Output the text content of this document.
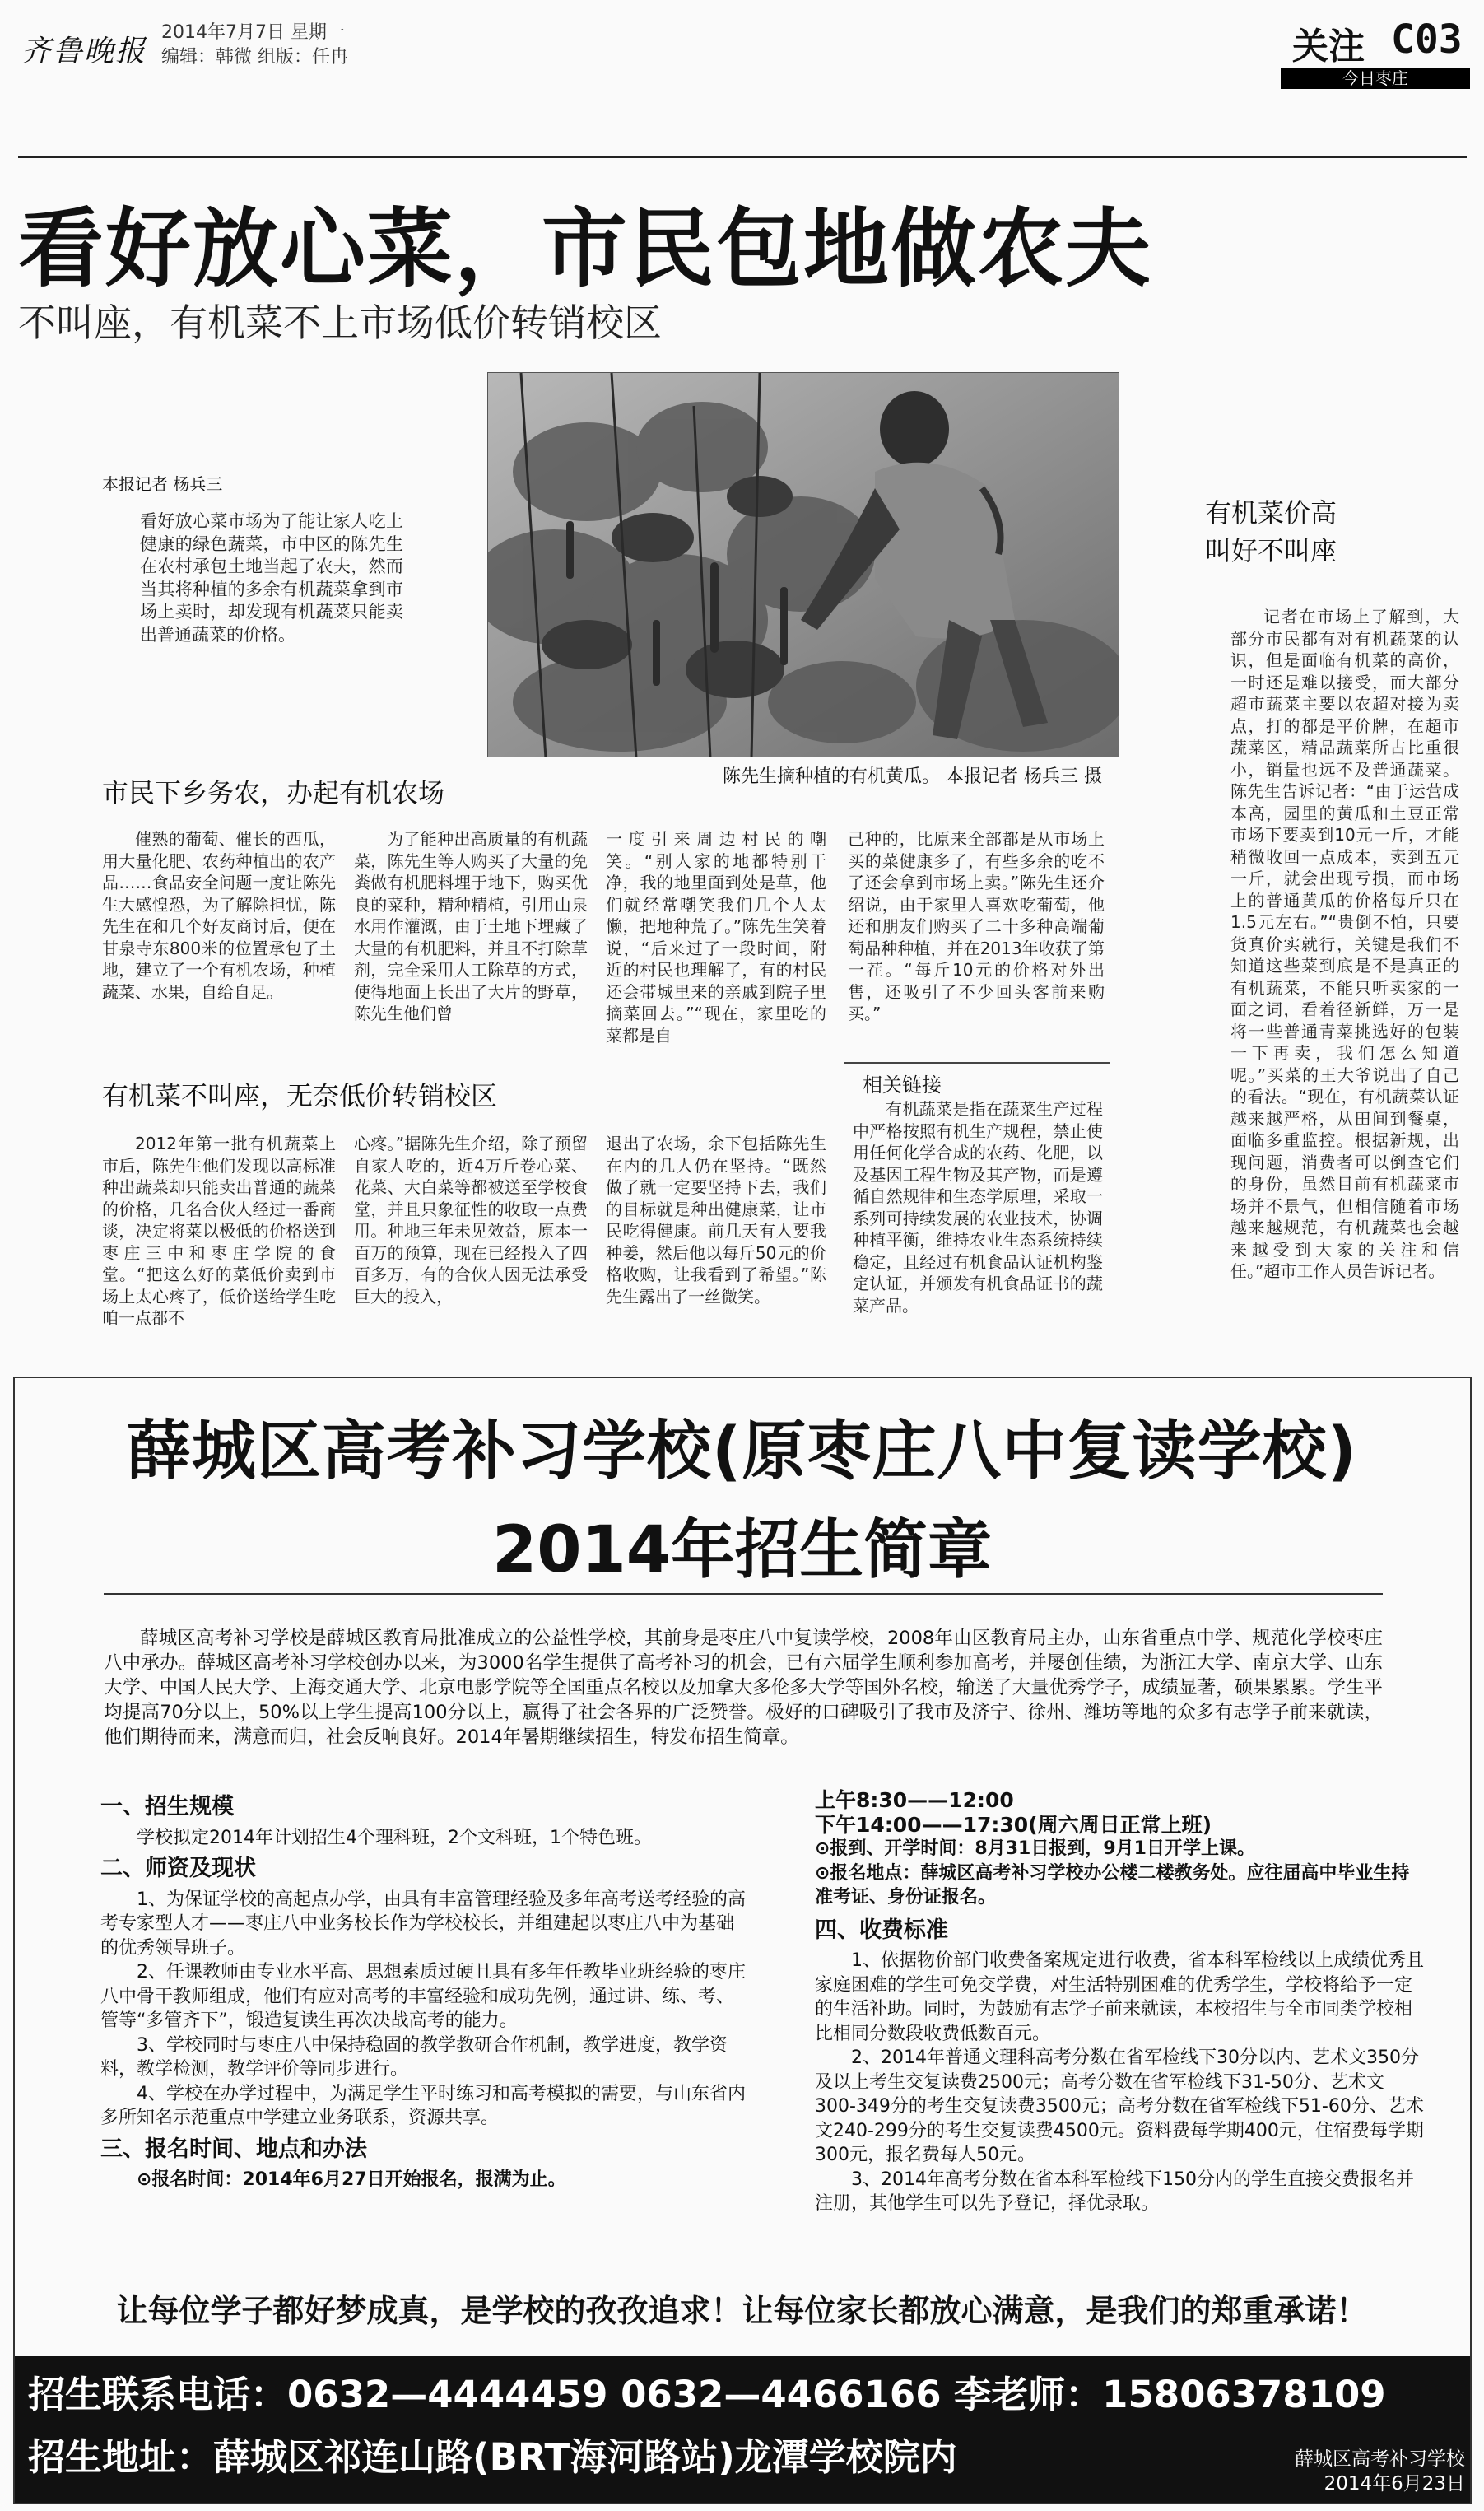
齐鲁晚报
2014年7月7日 星期一
编辑：韩微 组版：任冉	关注 C03
今日枣庄
看好放心菜，市民包地做农夫
不叫座，有机菜不上市场低价转销校区
陈先生摘种植的有机黄瓜。 本报记者 杨兵三 摄
本报记者 杨兵三
看好放心菜市场为了能让家人吃上健康的绿色蔬菜，市中区的陈先生在农村承包土地当起了农夫，然而当其将种植的多余有机蔬菜拿到市场上卖时，却发现有机蔬菜只能卖出普通蔬菜的价格。
市民下乡务农，办起有机农场
催熟的葡萄、催长的西瓜，用大量化肥、农药种植出的农产品……食品安全问题一度让陈先生大感惶恐，为了解除担忧，陈先生在和几个好友商讨后，便在甘泉寺东800米的位置承包了土地，建立了一个有机农场，种植蔬菜、水果，自给自足。
为了能种出高质量的有机蔬菜，陈先生等人购买了大量的免粪做有机肥料埋于地下，购买优良的菜种，精种精植，引用山泉水用作灌溉，由于土地下埋藏了大量的有机肥料，并且不打除草剂，完全采用人工除草的方式，使得地面上长出了大片的野草，陈先生他们曾
一度引来周边村民的嘲笑。“别人家的地都特别干净，我的地里面到处是草，他们就经常嘲笑我们几个人太懒，把地种荒了。”陈先生笑着说，“后来过了一段时间，附近的村民也理解了，有的村民还会带城里来的亲戚到院子里摘菜回去。”“现在，家里吃的菜都是自
己种的，比原来全部都是从市场上买的菜健康多了，有些多余的吃不了还会拿到市场上卖。”陈先生还介绍说，由于家里人喜欢吃葡萄，他还和朋友们购买了二十多种高端葡萄品种种植，并在2013年收获了第一茬。“每斤10元的价格对外出售，还吸引了不少回头客前来购买。”
有机菜不叫座，无奈低价转销校区
2012年第一批有机蔬菜上市后，陈先生他们发现以高标准种出蔬菜却只能卖出普通的蔬菜的价格，几名合伙人经过一番商谈，决定将菜以极低的价格送到枣庄三中和枣庄学院的食堂。“把这么好的菜低价卖到市场上太心疼了，低价送给学生吃咱一点都不
心疼。”据陈先生介绍，除了预留自家人吃的，近4万斤卷心菜、花菜、大白菜等都被送至学校食堂，并且只象征性的收取一点费用。种地三年未见效益，原本一百万的预算，现在已经投入了四百多万，有的合伙人因无法承受巨大的投入，
退出了农场，余下包括陈先生在内的几人仍在坚持。“既然做了就一定要坚持下去，我们的目标就是种出健康菜，让市民吃得健康。前几天有人要我种姜，然后他以每斤50元的价格收购，让我看到了希望。”陈先生露出了一丝微笑。
相关链接
有机蔬菜是指在蔬菜生产过程中严格按照有机生产规程，禁止使用任何化学合成的农药、化肥，以及基因工程生物及其产物，而是遵循自然规律和生态学原理，采取一系列可持续发展的农业技术，协调种植平衡，维持农业生态系统持续稳定，且经过有机食品认证机构鉴定认证，并颁发有机食品证书的蔬菜产品。
有机菜价高
叫好不叫座
记者在市场上了解到，大部分市民都有对有机蔬菜的认识，但是面临有机菜的高价，一时还是难以接受，而大部分超市蔬菜主要以农超对接为卖点，打的都是平价牌，在超市蔬菜区，精品蔬菜所占比重很小，销量也远不及普通蔬菜。陈先生告诉记者：“由于运营成本高，园里的黄瓜和土豆正常市场下要卖到10元一斤，才能稍微收回一点成本，卖到五元一斤，就会出现亏损，而市场上的普通黄瓜的价格每斤只在1.5元左右。”“贵倒不怕，只要货真价实就行，关键是我们不知道这些菜到底是不是真正的有机蔬菜，不能只听卖家的一面之词，看着径新鲜，万一是将一些普通青菜挑选好的包装一下再卖，我们怎么知道呢。”买菜的王大爷说出了自己的看法。“现在，有机蔬菜认证越来越严格，从田间到餐桌，面临多重监控。根据新规，出现问题，消费者可以倒查它们的身份，虽然目前有机蔬菜市场并不景气，但相信随着市场越来越规范，有机蔬菜也会越来越受到大家的关注和信任。”超市工作人员告诉记者。
薛城区高考补习学校(原枣庄八中复读学校)
2014年招生简章
薛城区高考补习学校是薛城区教育局批准成立的公益性学校，其前身是枣庄八中复读学校，2008年由区教育局主办，山东省重点中学、规范化学校枣庄八中承办。薛城区高考补习学校创办以来，为3000名学生提供了高考补习的机会，已有六届学生顺利参加高考，并屡创佳绩，为浙江大学、南京大学、山东大学、中国人民大学、上海交通大学、北京电影学院等全国重点名校以及加拿大多伦多大学等国外名校，输送了大量优秀学子，成绩显著，硕果累累。学生平均提高70分以上，50%以上学生提高100分以上，赢得了社会各界的广泛赞誉。极好的口碑吸引了我市及济宁、徐州、潍坊等地的众多有志学子前来就读，他们期待而来，满意而归，社会反响良好。2014年暑期继续招生，特发布招生简章。
一、招生规模
学校拟定2014年计划招生4个理科班，2个文科班，1个特色班。
二、师资及现状
1、为保证学校的高起点办学，由具有丰富管理经验及多年高考送考经验的高考专家型人才——枣庄八中业务校长作为学校校长，并组建起以枣庄八中为基础的优秀领导班子。
2、任课教师由专业水平高、思想素质过硬且具有多年任教毕业班经验的枣庄八中骨干教师组成，他们有应对高考的丰富经验和成功先例，通过讲、练、考、管等“多管齐下”，锻造复读生再次决战高考的能力。
3、学校同时与枣庄八中保持稳固的教学教研合作机制，教学进度，教学资料，教学检测，教学评价等同步进行。
4、学校在办学过程中，为满足学生平时练习和高考模拟的需要，与山东省内多所知名示范重点中学建立业务联系，资源共享。
三、报名时间、地点和办法
⊙报名时间：2014年6月27日开始报名，报满为止。
上午8:30——12:00
下午14:00——17:30(周六周日正常上班)
⊙报到、开学时间：8月31日报到，9月1日开学上课。
⊙报名地点：薛城区高考补习学校办公楼二楼教务处。应往届高中毕业生持准考证、身份证报名。
四、收费标准
1、依据物价部门收费备案规定进行收费，省本科军检线以上成绩优秀且家庭困难的学生可免交学费，对生活特别困难的优秀学生，学校将给予一定的生活补助。同时，为鼓励有志学子前来就读，本校招生与全市同类学校相比相同分数段收费低数百元。
2、2014年普通文理科高考分数在省军检线下30分以内、艺术文350分及以上考生交复读费2500元；高考分数在省军检线下31-50分、艺术文300-349分的考生交复读费3500元；高考分数在省军检线下51-60分、艺术文240-299分的考生交复读费4500元。资料费每学期400元，住宿费每学期300元，报名费每人50元。
3、2014年高考分数在省本科军检线下150分内的学生直接交费报名并注册，其他学生可以先予登记，择优录取。
让每位学子都好梦成真，是学校的孜孜追求！让每位家长都放心满意，是我们的郑重承诺！
招生联系电话：0632—4444459 0632—4466166 李老师：15806378109
招生地址：薛城区祁连山路(BRT海河路站)龙潭学校院内	薛城区高考补习学校
2014年6月23日
